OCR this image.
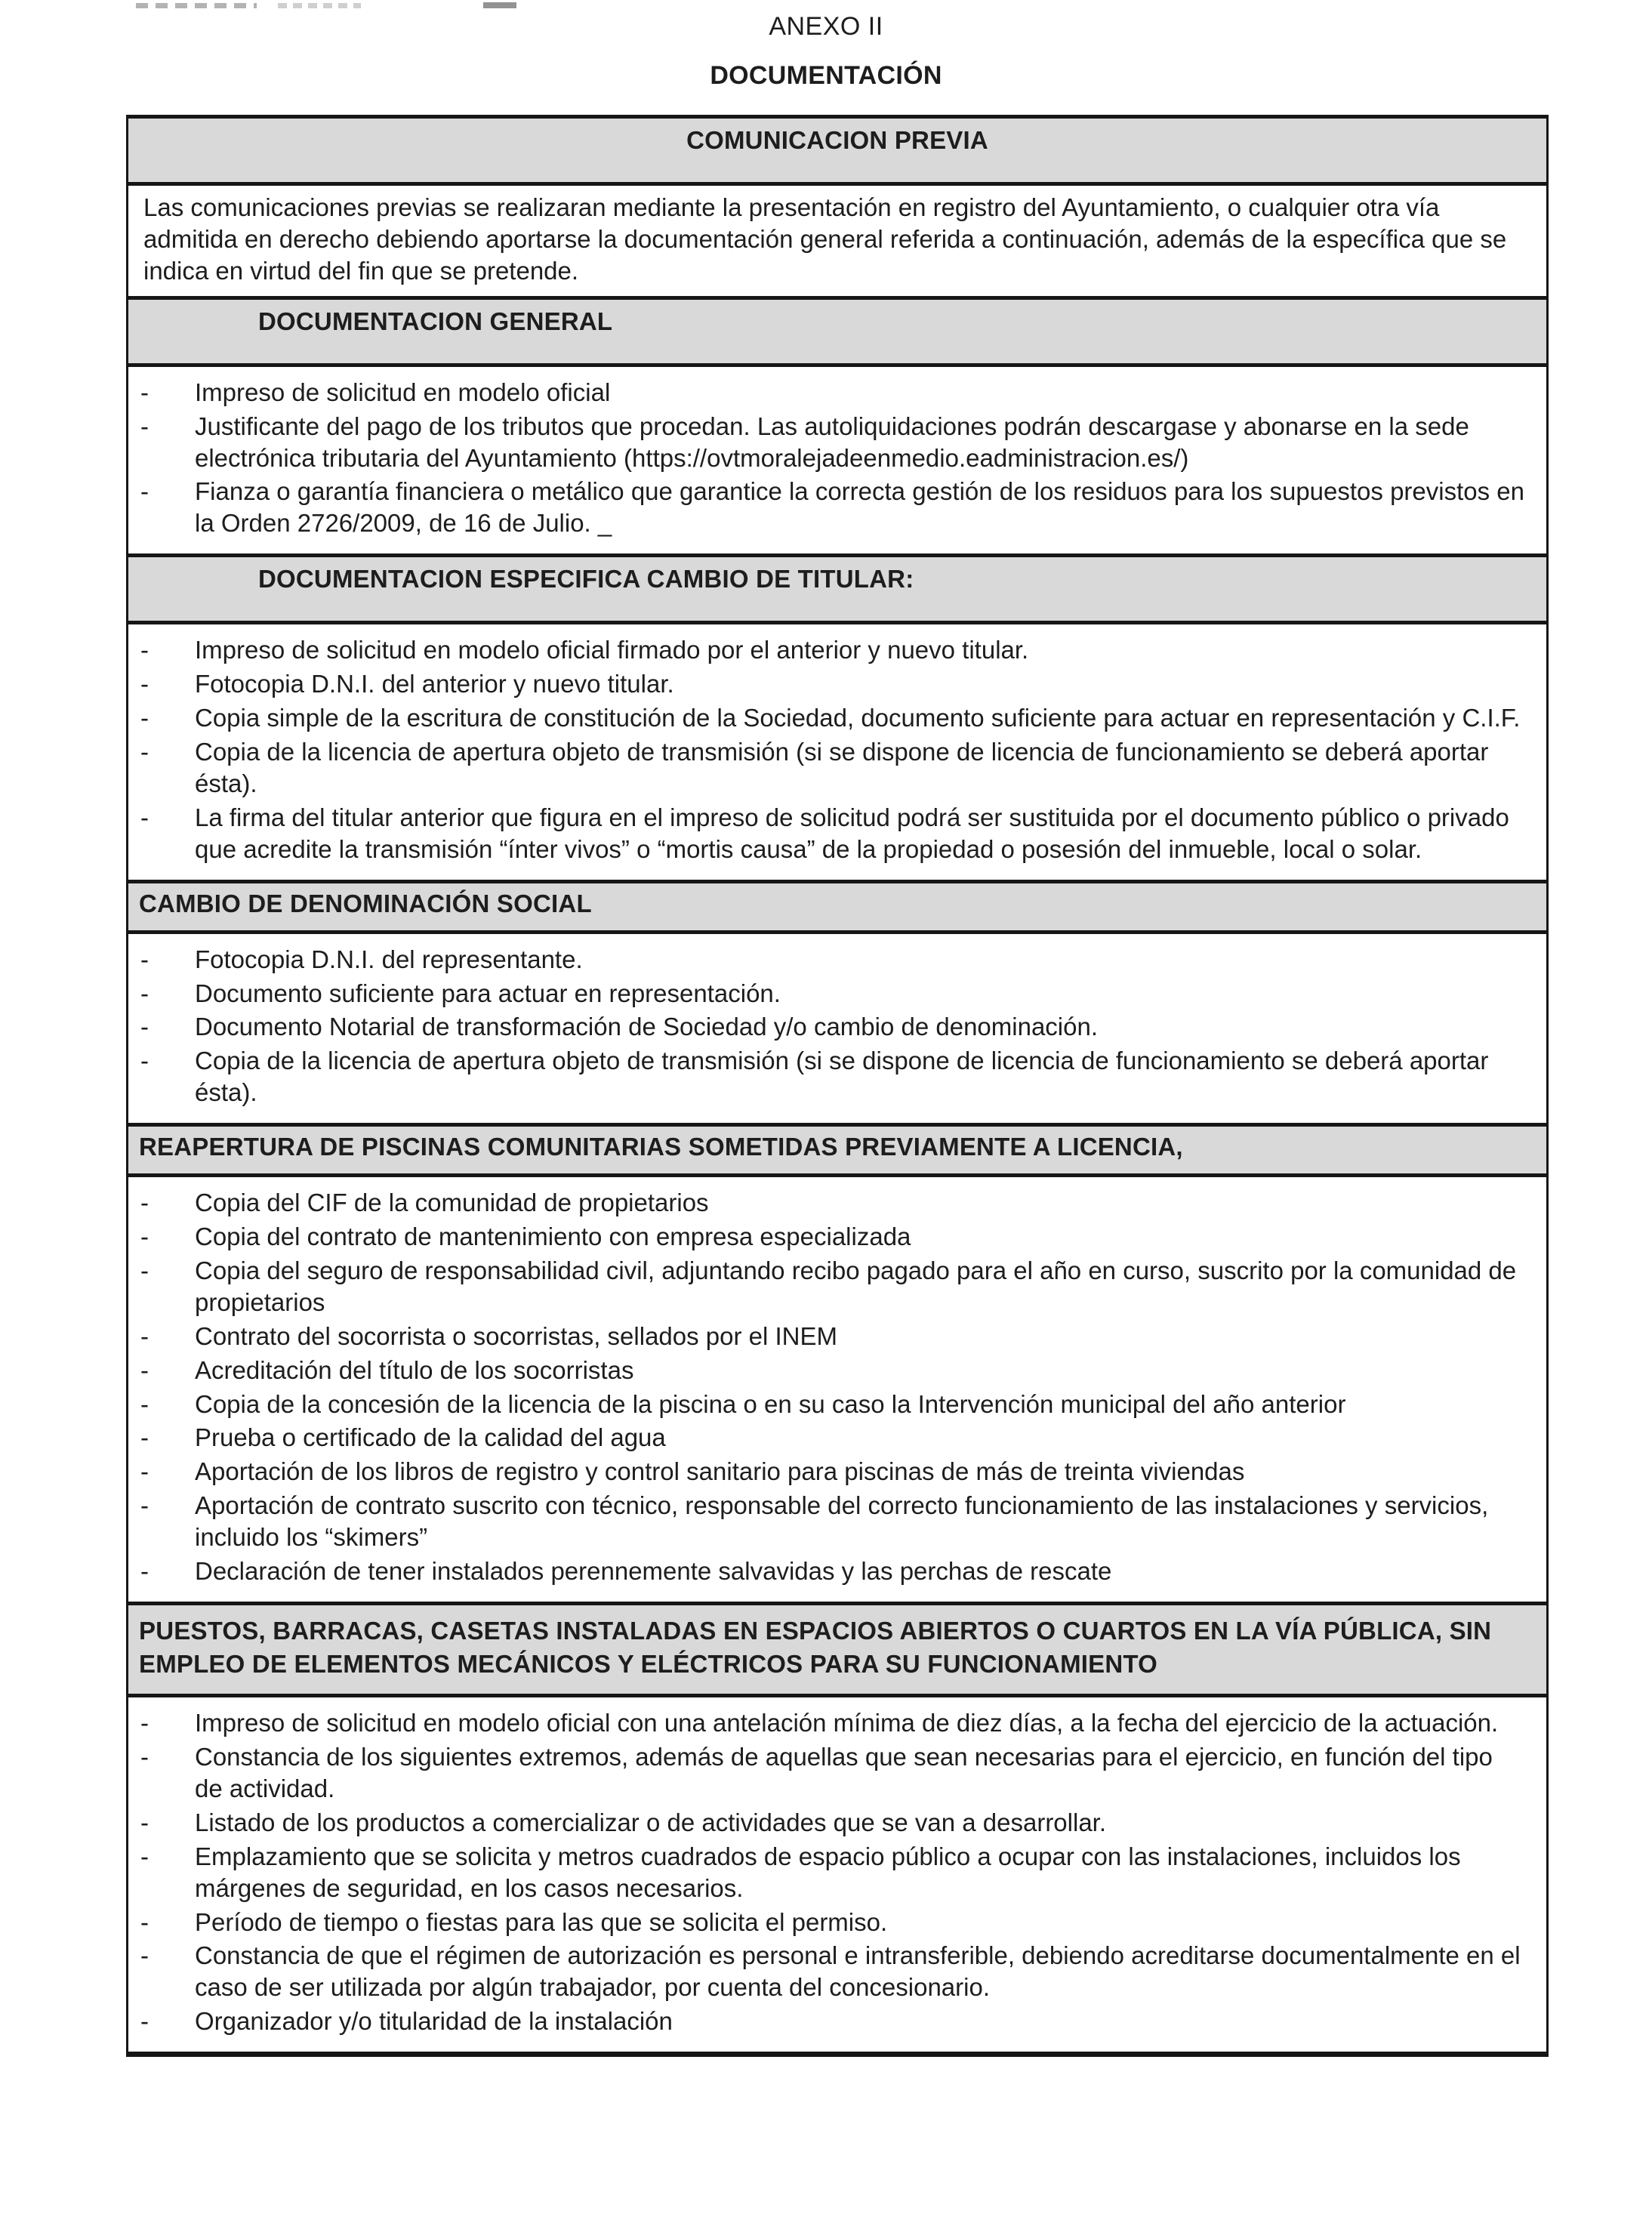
ANEXO II
DOCUMENTACIÓN
COMUNICACION PREVIA
Las comunicaciones previas se realizaran mediante la presentación en registro del Ayuntamiento, o cualquier otra vía admitida en derecho debiendo aportarse la documentación general referida a continuación, además de la específica que se indica en virtud del fin que se pretende.
DOCUMENTACION GENERAL
- Impreso de solicitud en modelo oficial
- Justificante del pago de los tributos que procedan. Las autoliquidaciones podrán descargase y abonarse en la sede electrónica tributaria del Ayuntamiento (https://ovtmoralejadeenmedio.eadministracion.es/)
- Fianza o garantía financiera o metálico que garantice la correcta gestión de los residuos para los supuestos previstos en la Orden 2726/2009, de 16 de Julio. _
DOCUMENTACION ESPECIFICA CAMBIO DE TITULAR:
- Impreso de solicitud en modelo oficial firmado por el anterior y nuevo titular.
- Fotocopia D.N.I. del anterior y nuevo titular.
- Copia simple de la escritura de constitución de la Sociedad, documento suficiente para actuar en representación y C.I.F.
- Copia de la licencia de apertura objeto de transmisión (si se dispone de licencia de funcionamiento se deberá aportar ésta).
- La firma del titular anterior que figura en el impreso de solicitud podrá ser sustituida por el documento público o privado que acredite la transmisión “ínter vivos” o “mortis causa” de la propiedad o posesión del inmueble, local o solar.
CAMBIO DE DENOMINACIÓN SOCIAL
- Fotocopia D.N.I. del representante.
- Documento suficiente para actuar en representación.
- Documento Notarial de transformación de Sociedad y/o cambio de denominación.
- Copia de la licencia de apertura objeto de transmisión (si se dispone de licencia de funcionamiento se deberá aportar ésta).
REAPERTURA DE PISCINAS COMUNITARIAS SOMETIDAS PREVIAMENTE A LICENCIA,
- Copia del CIF de la comunidad de propietarios
- Copia del contrato de mantenimiento con empresa especializada
- Copia del seguro de responsabilidad civil, adjuntando recibo pagado para el año en curso, suscrito por la comunidad de propietarios
- Contrato del socorrista o socorristas, sellados por el INEM
- Acreditación del título de los socorristas
- Copia de la concesión de la licencia de la piscina o en su caso la Intervención municipal del año anterior
- Prueba o certificado de la calidad del agua
- Aportación de los libros de registro y control sanitario para piscinas de más de treinta viviendas
- Aportación de contrato suscrito con técnico, responsable del correcto funcionamiento de las instalaciones y servicios, incluido los “skimers”
- Declaración de tener instalados perennemente salvavidas y las perchas de rescate
PUESTOS, BARRACAS, CASETAS INSTALADAS EN ESPACIOS ABIERTOS O CUARTOS EN LA VÍA PÚBLICA, SIN EMPLEO DE ELEMENTOS MECÁNICOS Y ELÉCTRICOS PARA SU FUNCIONAMIENTO
- Impreso de solicitud en modelo oficial con una antelación mínima de diez días, a la fecha del ejercicio de la actuación.
- Constancia de los siguientes extremos, además de aquellas que sean necesarias para el ejercicio, en función del tipo de actividad.
- Listado de los productos a comercializar o de actividades que se van a desarrollar.
- Emplazamiento que se solicita y metros cuadrados de espacio público a ocupar con las instalaciones, incluidos los márgenes de seguridad, en los casos necesarios.
- Período de tiempo o fiestas para las que se solicita el permiso.
- Constancia de que el régimen de autorización es personal e intransferible, debiendo acreditarse documentalmente en el caso de ser utilizada por algún trabajador, por cuenta del concesionario.
- Organizador y/o titularidad de la instalación
